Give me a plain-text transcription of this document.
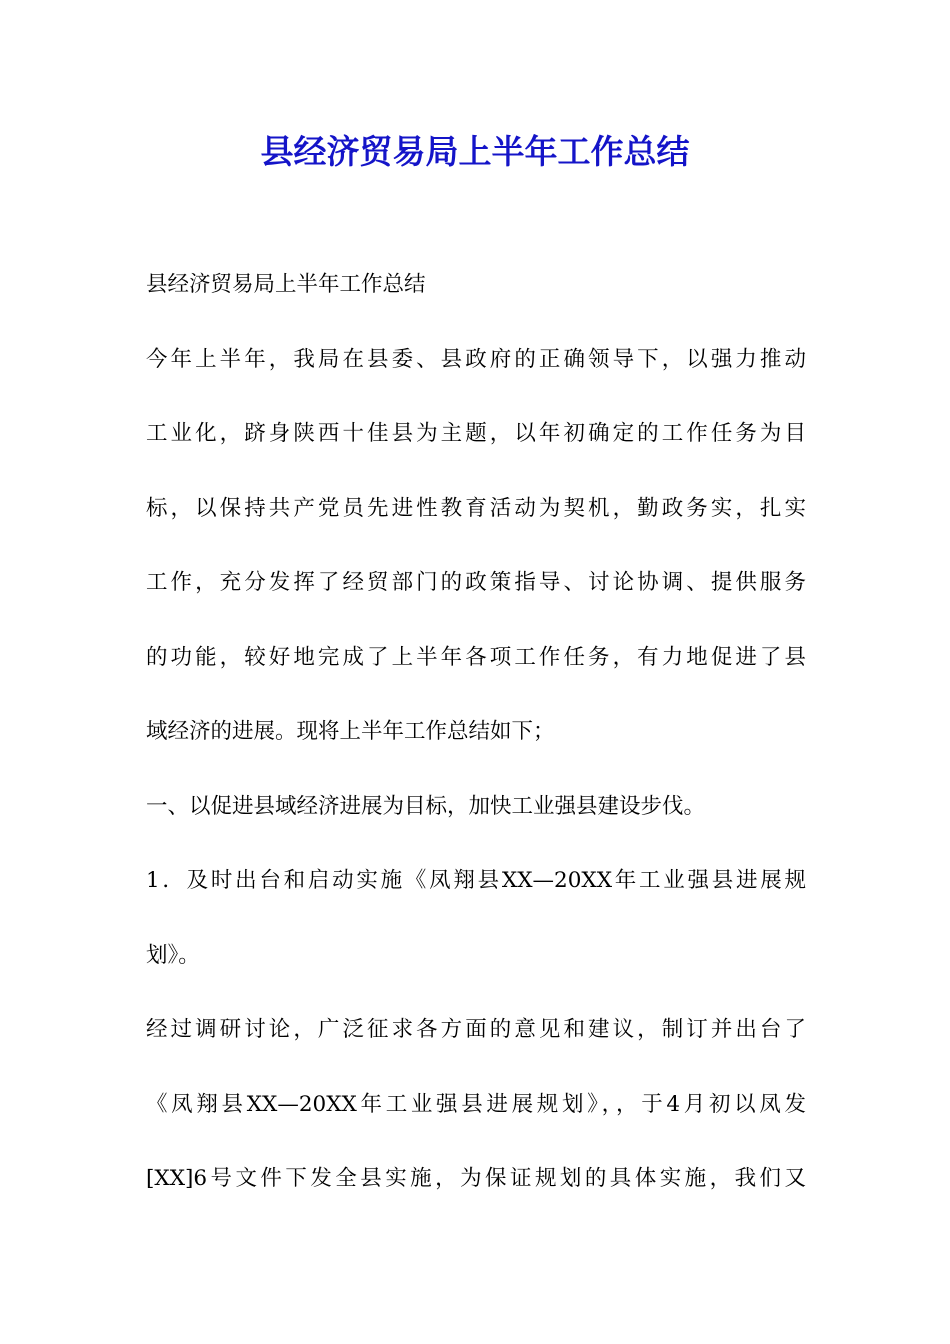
县经济贸易局上半年工作总结
县经济贸易局上半年工作总结
今年上半年，我局在县委、县政府的正确领导下，以强力推动
工业化，跻身陕西十佳县为主题，以年初确定的工作任务为目
标，以保持共产党员先进性教育活动为契机，勤政务实，扎实
工作，充分发挥了经贸部门的政策指导、讨论协调、提供服务
的功能，较好地完成了上半年各项工作任务，有力地促进了县
域经济的进展。现将上半年工作总结如下；
一、以促进县域经济进展为目标，加快工业强县建设步伐。
1．及时出台和启动实施《凤翔县XX—20XX年工业强县进展规
划》。
经过调研讨论，广泛征求各方面的意见和建议，制订并出台了
《凤翔县XX—20XX年工业强县进展规划》，，于4月初以凤发
[XX]6号文件下发全县实施，为保证规划的具体实施，我们又
